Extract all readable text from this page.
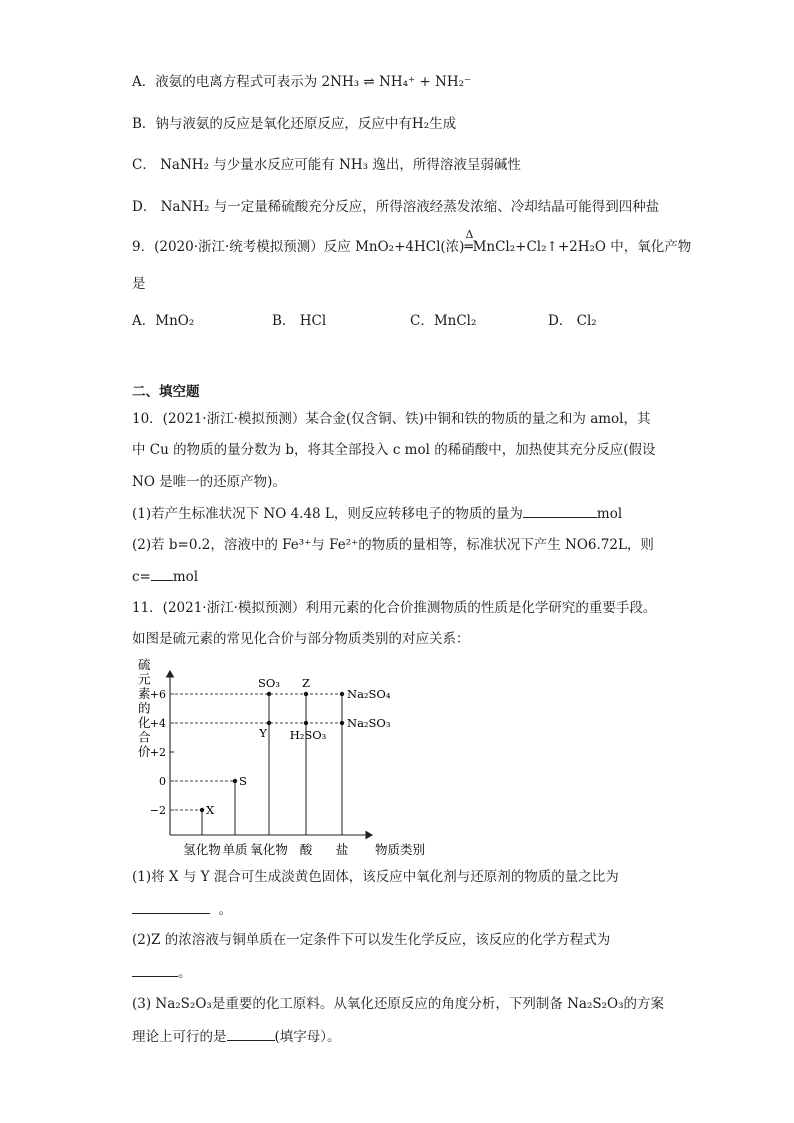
A．液氨的电离方程式可表示为 2NH₃ ⇌ NH₄⁺ + NH₂⁻
B．钠与液氨的反应是氧化还原反应，反应中有H₂生成
C． NaNH₂ 与少量水反应可能有 NH₃ 逸出，所得溶液呈弱碱性
D． NaNH₂ 与一定量稀硫酸充分反应，所得溶液经蒸发浓缩、冷却结晶可能得到四种盐
9．(2020·浙江·统考模拟预测）反应 MnO₂+4HCl(浓)
Δ
═MnCl₂+Cl₂↑+2H₂O 中，氧化产物
是
A．MnO₂	B． HCl	C．MnCl₂	D． Cl₂
二、填空题
10．(2021·浙江·模拟预测）某合金(仅含铜、铁)中铜和铁的物质的量之和为 amol，其
中 Cu 的物质的量分数为 b，将其全部投入 c mol 的稀硝酸中，加热使其充分反应(假设
NO 是唯一的还原产物)。
(1)若产生标准状况下 NO 4.48 L，则反应转移电子的物质的量为	mol
(2)若 b=0.2，溶液中的 Fe³⁺与 Fe²⁺的物质的量相等，标准状况下产生 NO6.72L，则
c= mol
11．(2021·浙江·模拟预测）利用元素的化合价推测物质的性质是化学研究的重要手段。
如图是硫元素的常见化合价与部分物质类别的对应关系：
硫
元
素
的
化
合
价
+6
+4
+2
0
−2
氢化物 单质 氧化物 酸 盐
X
S
SO₃
Y
Z
H₂SO₃
Na₂SO₄
Na₂SO₃
物质类别
(1)将 X 与 Y 混合可生成淡黄色固体，该反应中氧化剂与还原剂的物质的量之比为
。
(2)Z 的浓溶液与铜单质在一定条件下可以发生化学反应，该反应的化学方程式为
。
(3) Na₂S₂O₃是重要的化工原料。从氧化还原反应的角度分析，下列制备 Na₂S₂O₃的方案
理论上可行的是	(填字母）。
